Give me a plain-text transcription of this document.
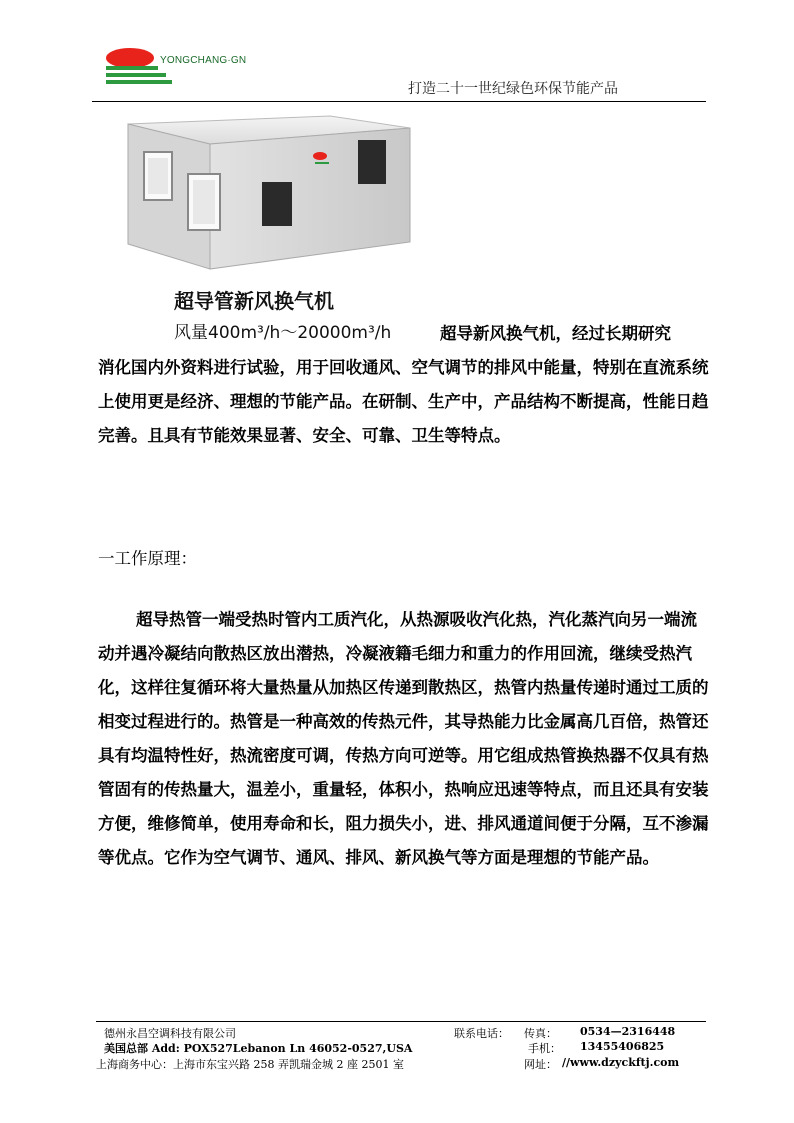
YONGCHANG·GN
打造二十一世纪绿色环保节能产品
超导管新风换气机
风量400m³/h～20000m³/h	超导新风换气机，经过长期研究
消化国内外资料进行试验，用于回收通风、空气调节的排风中能量，特别在直流系统上使用更是经济、理想的节能产品。在研制、生产中，产品结构不断提高，性能日趋完善。且具有节能效果显著、安全、可靠、卫生等特点。
一工作原理：
超导热管一端受热时管内工质汽化，从热源吸收汽化热，汽化蒸汽向另一端流动并遇冷凝结向散热区放出潜热，冷凝液籍毛细力和重力的作用回流，继续受热汽化，这样往复循环将大量热量从加热区传递到散热区，热管内热量传递时通过工质的相变过程进行的。热管是一种高效的传热元件，其导热能力比金属高几百倍，热管还具有均温特性好，热流密度可调，传热方向可逆等。用它组成热管换热器不仅具有热管固有的传热量大，温差小，重量轻，体积小，热响应迅速等特点，而且还具有安装方便，维修简单，使用寿命和长，阻力损失小，进、排风通道间便于分隔，互不渗漏等优点。它作为空气调节、通风、排风、新风换气等方面是理想的节能产品。
德州永昌空调科技有限公司
美国总部 Add: POX527Lebanon Ln 46052-0527,USA
上海商务中心：上海市东宝兴路 258 弄凯瑞金城 2 座 2501 室
联系电话： 传真： 0534—2316448
手机： 13455406825
网址： //www.dzyckftj.com
